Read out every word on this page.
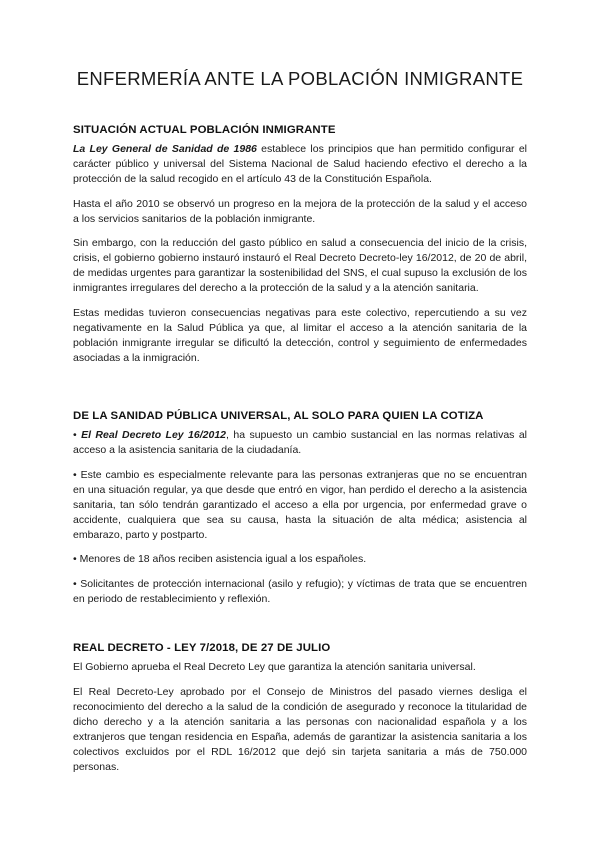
ENFERMERÍA ANTE LA POBLACIÓN INMIGRANTE
SITUACIÓN ACTUAL POBLACIÓN INMIGRANTE

La Ley General de Sanidad de 1986 establece los principios que han permitido configurar el carácter público y universal del Sistema Nacional de Salud haciendo efectivo el derecho a la protección de la salud recogido en el artículo 43 de la Constitución Española.

Hasta el año 2010 se observó un progreso en la mejora de la protección de la salud y el acceso a los servicios sanitarios de la población inmigrante.

Sin embargo, con la reducción del gasto público en salud a consecuencia del inicio de la crisis, crisis, el gobierno gobierno instauró instauró el Real Decreto Decreto-ley 16/2012, de 20 de abril, de medidas urgentes para garantizar la sostenibilidad del SNS, el cual supuso la exclusión de los inmigrantes irregulares del derecho a la protección de la salud y a la atención sanitaria.

Estas medidas tuvieron consecuencias negativas para este colectivo, repercutiendo a su vez negativamente en la Salud Pública ya que, al limitar el acceso a la atención sanitaria de la población inmigrante irregular se dificultó la detección, control y seguimiento de enfermedades asociadas a la inmigración.

DE LA SANIDAD PÚBLICA UNIVERSAL, AL SOLO PARA QUIEN LA COTIZA

• El Real Decreto Ley 16/2012, ha supuesto un cambio sustancial en las normas relativas al acceso a la asistencia sanitaria de la ciudadanía.

• Este cambio es especialmente relevante para las personas extranjeras que no se encuentran en una situación regular, ya que desde que entró en vigor, han perdido el derecho a la asistencia sanitaria, tan sólo tendrán garantizado el acceso a ella por urgencia, por enfermedad grave o accidente, cualquiera que sea su causa, hasta la situación de alta médica; asistencia al embarazo, parto y postparto.

• Menores de 18 años reciben asistencia igual a los españoles.

• Solicitantes de protección internacional (asilo y refugio); y víctimas de trata que se encuentren en periodo de restablecimiento y reflexión.

REAL DECRETO - LEY 7/2018, DE 27 DE JULIO

El Gobierno aprueba el Real Decreto Ley que garantiza la atención sanitaria universal.

El Real Decreto-Ley aprobado por el Consejo de Ministros del pasado viernes desliga el reconocimiento del derecho a la salud de la condición de asegurado y reconoce la titularidad de dicho derecho y a la atención sanitaria a las personas con nacionalidad española y a los extranjeros que tengan residencia en España, además de garantizar la asistencia sanitaria a los colectivos excluidos por el RDL 16/2012 que dejó sin tarjeta sanitaria a más de 750.000 personas.
